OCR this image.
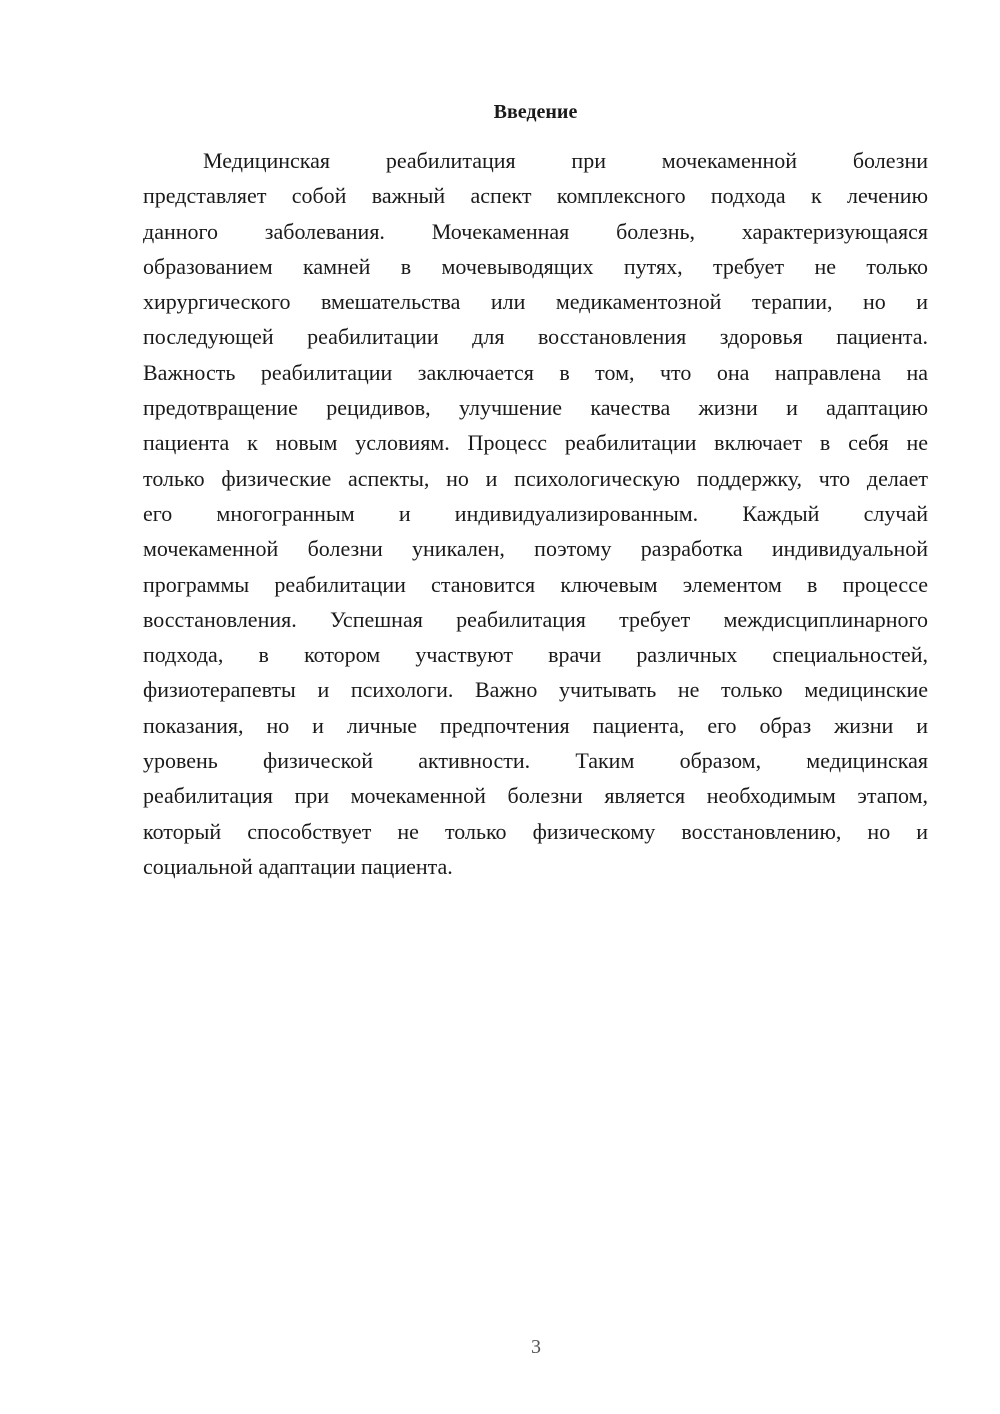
Введение
Медицинская реабилитация при мочекаменной болезни
представляет собой важный аспект комплексного подхода к лечению
данного заболевания. Мочекаменная болезнь, характеризующаяся
образованием камней в мочевыводящих путях, требует не только
хирургического вмешательства или медикаментозной терапии, но и
последующей реабилитации для восстановления здоровья пациента.
Важность реабилитации заключается в том, что она направлена на
предотвращение рецидивов, улучшение качества жизни и адаптацию
пациента к новым условиям. Процесс реабилитации включает в себя не
только физические аспекты, но и психологическую поддержку, что делает
его многогранным и индивидуализированным. Каждый случай
мочекаменной болезни уникален, поэтому разработка индивидуальной
программы реабилитации становится ключевым элементом в процессе
восстановления. Успешная реабилитация требует междисциплинарного
подхода, в котором участвуют врачи различных специальностей,
физиотерапевты и психологи. Важно учитывать не только медицинские
показания, но и личные предпочтения пациента, его образ жизни и
уровень физической активности. Таким образом, медицинская
реабилитация при мочекаменной болезни является необходимым этапом,
который способствует не только физическому восстановлению, но и
социальной адаптации пациента.
3
